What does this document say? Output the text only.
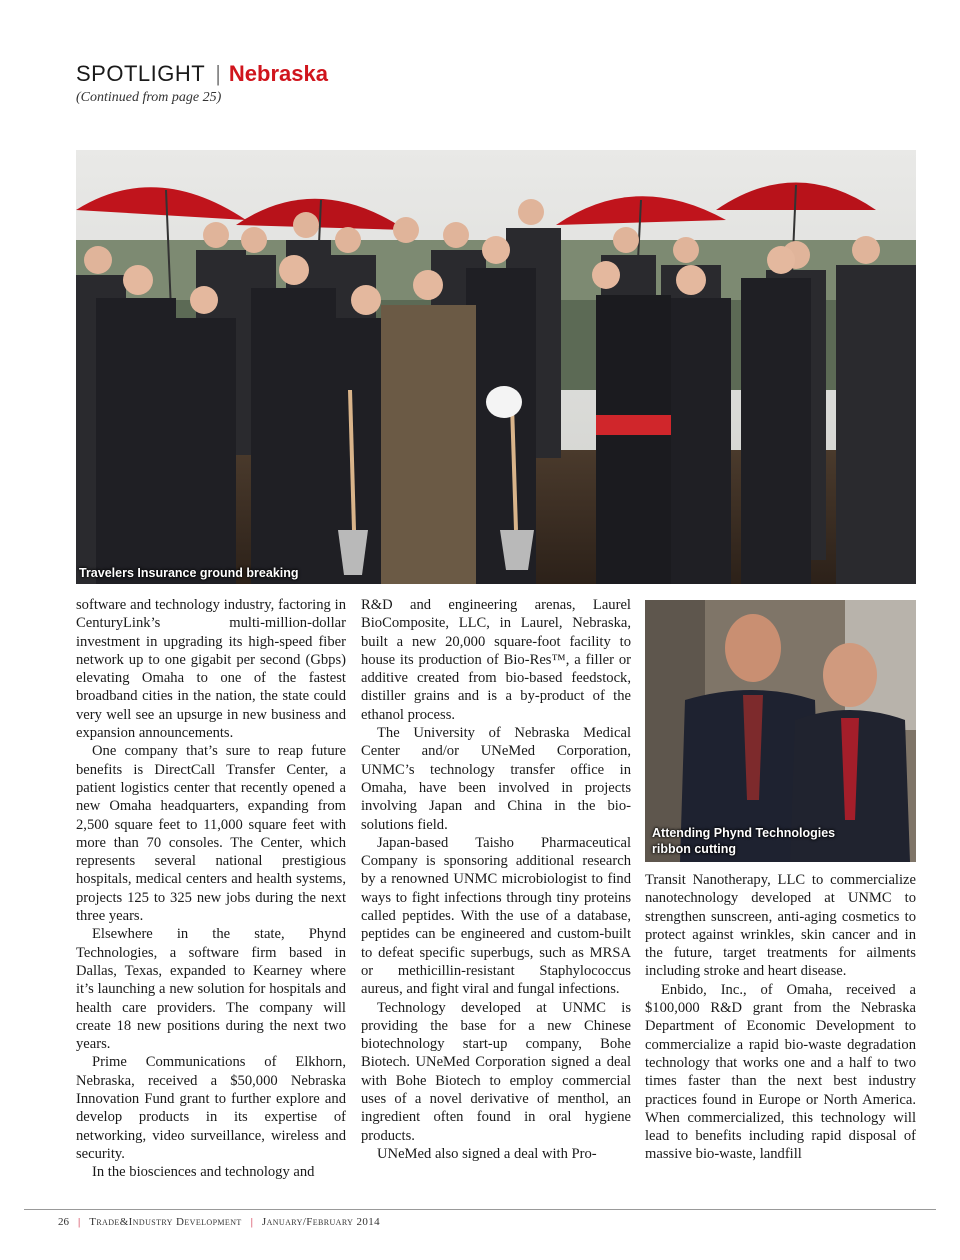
SPOTLIGHT | Nebraska
(Continued from page 25)
Travelers Insurance ground breaking
Attending Phynd Technologies
ribbon cutting

software and technology industry, factoring in CenturyLink’s multi-million-dollar investment in upgrading its high-speed fiber network up to one gigabit per second (Gbps) elevating Omaha to one of the fastest broadband cities in the nation, the state could very well see an upsurge in new business and expansion announcements.

One company that’s sure to reap future benefits is DirectCall Transfer Center, a patient logistics center that recently opened a new Omaha headquarters, expanding from 2,500 square feet to 11,000 square feet with more than 70 consoles. The Center, which represents several national prestigious hospitals, medical centers and health systems, projects 125 to 325 new jobs during the next three years.

Elsewhere in the state, Phynd Technologies, a software firm based in Dallas, Texas, expanded to Kearney where it’s launching a new solution for hospitals and health care providers. The company will create 18 new positions during the next two years.

Prime Communications of Elkhorn, Nebraska, received a $50,000 Nebraska Innovation Fund grant to further explore and develop products in its expertise of networking, video surveillance, wireless and security.

In the biosciences and technology and

R&D and engineering arenas, Laurel BioComposite, LLC, in Laurel, Nebraska, built a new 20,000 square-foot facility to house its production of Bio-Res™, a filler or additive created from bio-based feedstock, distiller grains and is a by-product of the ethanol process.

The University of Nebraska Medical Center and/or UNeMed Corporation, UNMC’s technology transfer office in Omaha, have been involved in projects involving Japan and China in the bio-solutions field.

Japan-based Taisho Pharmaceutical Company is sponsoring additional research by a renowned UNMC microbiologist to find ways to fight infections through tiny proteins called peptides. With the use of a database, peptides can be engineered and custom-built to defeat specific superbugs, such as MRSA or methicillin-resistant Staphylococcus aureus, and fight viral and fungal infections.

Technology developed at UNMC is providing the base for a new Chinese biotechnology start-up company, Bohe Biotech. UNeMed Corporation signed a deal with Bohe Biotech to employ commercial uses of a novel derivative of menthol, an ingredient often found in oral hygiene products.

UNeMed also signed a deal with Pro-

Transit Nanotherapy, LLC to commercialize nanotechnology developed at UNMC to strengthen sunscreen, anti-aging cosmetics to protect against wrinkles, skin cancer and in the future, target treatments for ailments including stroke and heart disease.

Enbido, Inc., of Omaha, received a $100,000 R&D grant from the Nebraska Department of Economic Development to commercialize a rapid bio-waste degradation technology that works one and a half to two times faster than the next best industry practices found in Europe or North America. When commercialized, this technology will lead to benefits including rapid disposal of massive bio-waste, landfill

26 | Trade&Industry Development | January/February 2014
